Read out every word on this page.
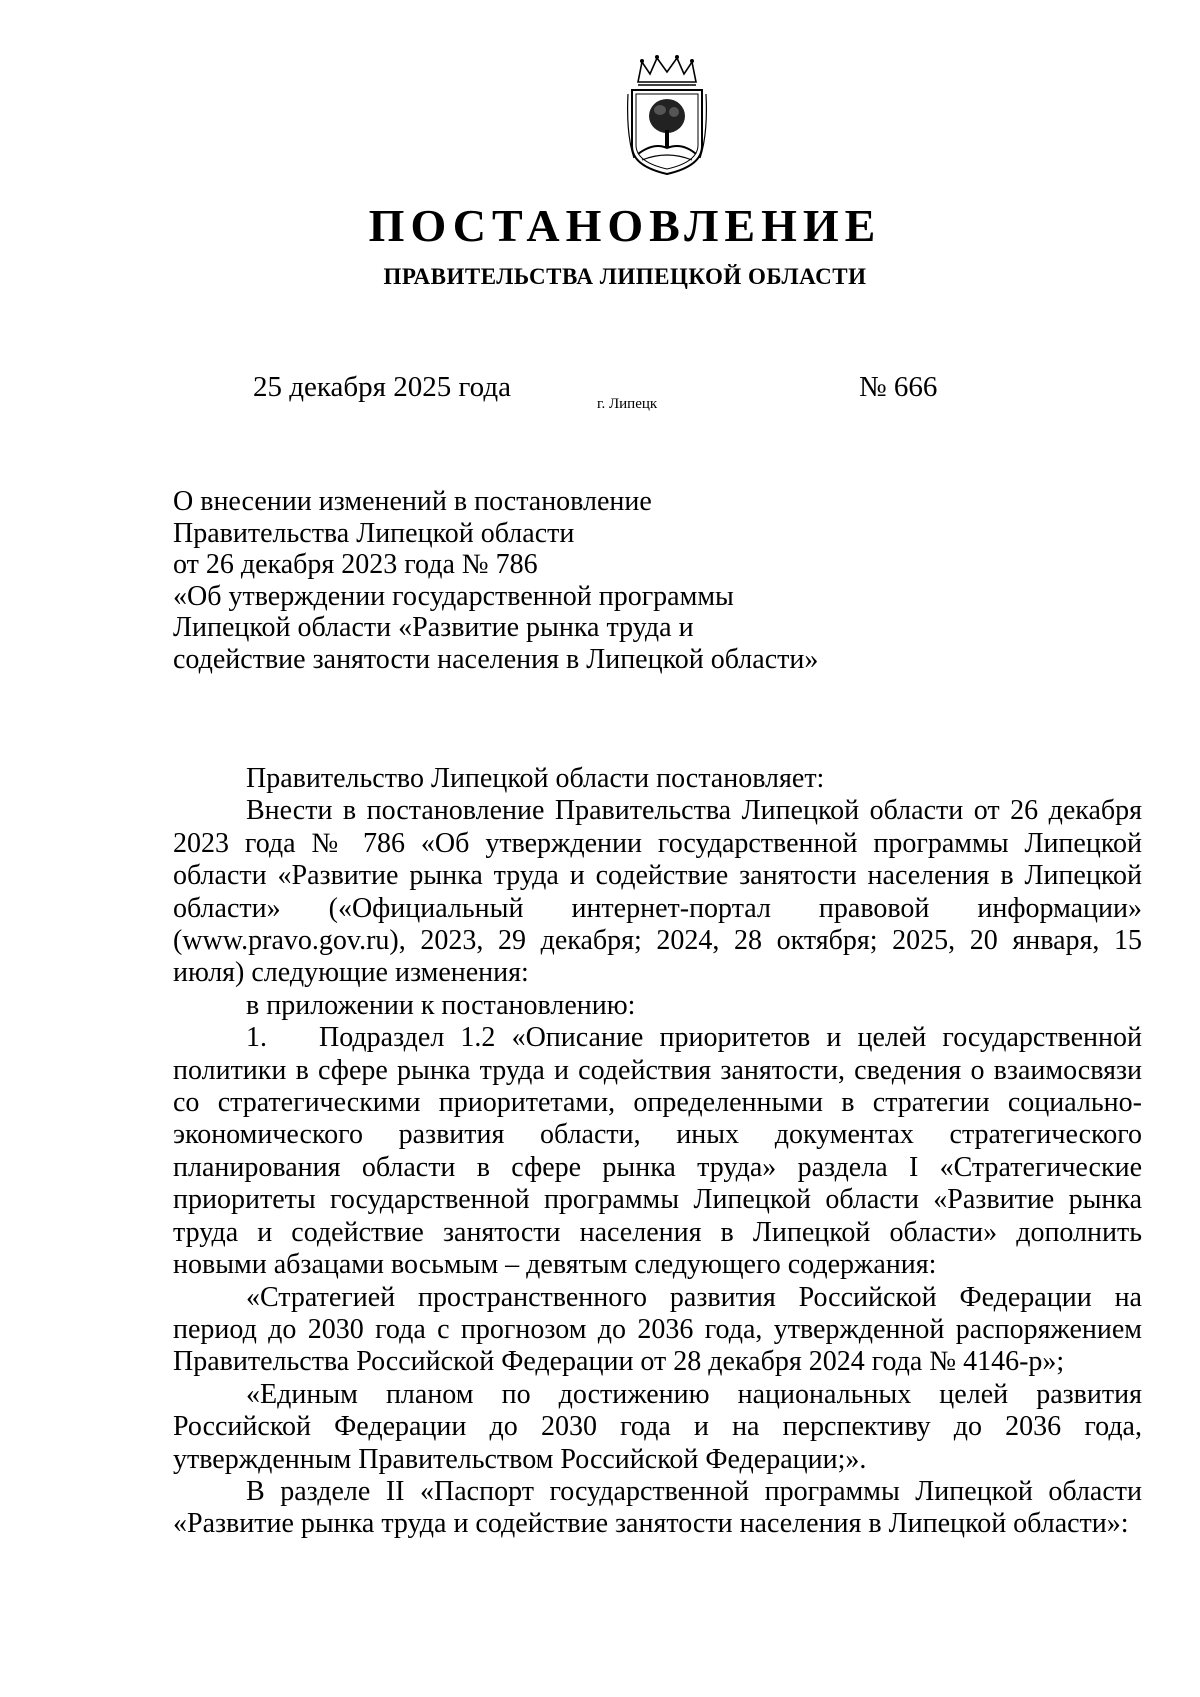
ПОСТАНОВЛЕНИЕ
ПРАВИТЕЛЬСТВА ЛИПЕЦКОЙ ОБЛАСТИ
25 декабря 2025 года
г. Липецк
№ 666
О внесении изменений в постановление
Правительства Липецкой области
от 26 декабря 2023 года № 786
«Об утверждении государственной программы
Липецкой области «Развитие рынка труда и
содействие занятости населения в Липецкой области»

Правительство Липецкой области постановляет:

Внести в постановление Правительства Липецкой области от 26 декабря 2023 года № 786 «Об утверждении государственной программы Липецкой области «Развитие рынка труда и содействие занятости населения в Липецкой области» («Официальный интернет-портал правовой информации» (www.pravo.gov.ru), 2023, 29 декабря; 2024, 28 октября; 2025, 20 января, 15 июля) следующие изменения:

в приложении к постановлению:

1. Подраздел 1.2 «Описание приоритетов и целей государственной политики в сфере рынка труда и содействия занятости, сведения о взаимосвязи со стратегическими приоритетами, определенными в стратегии социально-экономического развития области, иных документах стратегического планирования области в сфере рынка труда» раздела I «Стратегические приоритеты государственной программы Липецкой области «Развитие рынка труда и содействие занятости населения в Липецкой области» дополнить новыми абзацами восьмым – девятым следующего содержания:

«Стратегией пространственного развития Российской Федерации на период до 2030 года с прогнозом до 2036 года, утвержденной распоряжением Правительства Российской Федерации от 28 декабря 2024 года № 4146-р»;

«Единым планом по достижению национальных целей развития Российской Федерации до 2030 года и на перспективу до 2036 года, утвержденным Правительством Российской Федерации;».

В разделе II «Паспорт государственной программы Липецкой области «Развитие рынка труда и содействие занятости населения в Липецкой области»:
